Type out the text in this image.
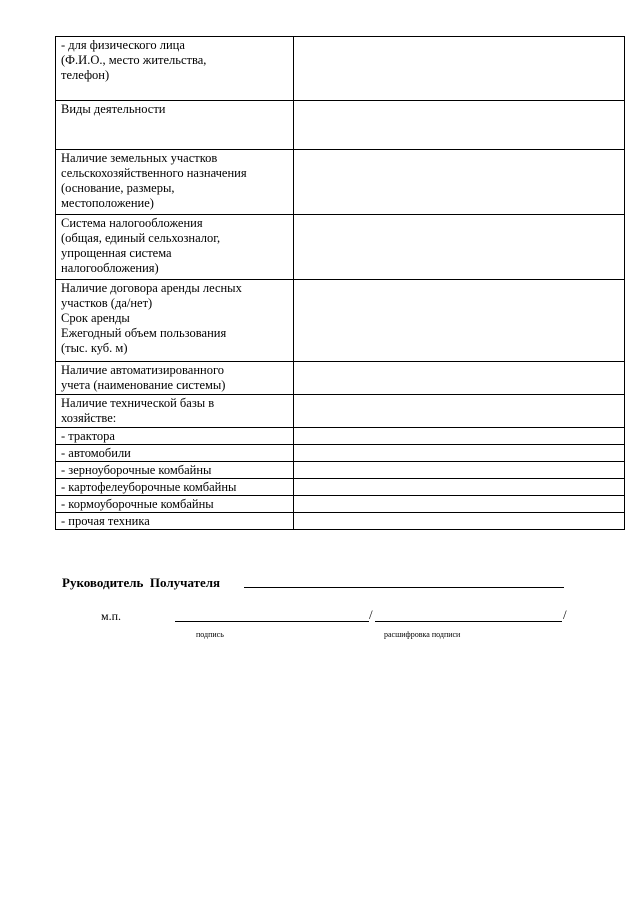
- для физического лица
(Ф.И.О., место жительства,
телефон)	

Виды деятельности	

Наличие земельных участков
сельскохозяйственного назначения
(основание, размеры,
местоположение)	

Система налогообложения
(общая, единый сельхозналог,
упрощенная система
налогообложения)	

Наличие договора аренды лесных
участков (да/нет)
Срок аренды
Ежегодный объем пользования
(тыс. куб. м)	

Наличие автоматизированного
учета (наименование системы)	

Наличие технической базы в
хозяйстве:	

- трактора	

- автомобили	

- зерноуборочные комбайны	

- картофелеуборочные комбайны	

- кормоуборочные комбайны	

- прочая техника	

Руководитель  Получателя
м.п.	/	/
подпись	расшифровка подписи
